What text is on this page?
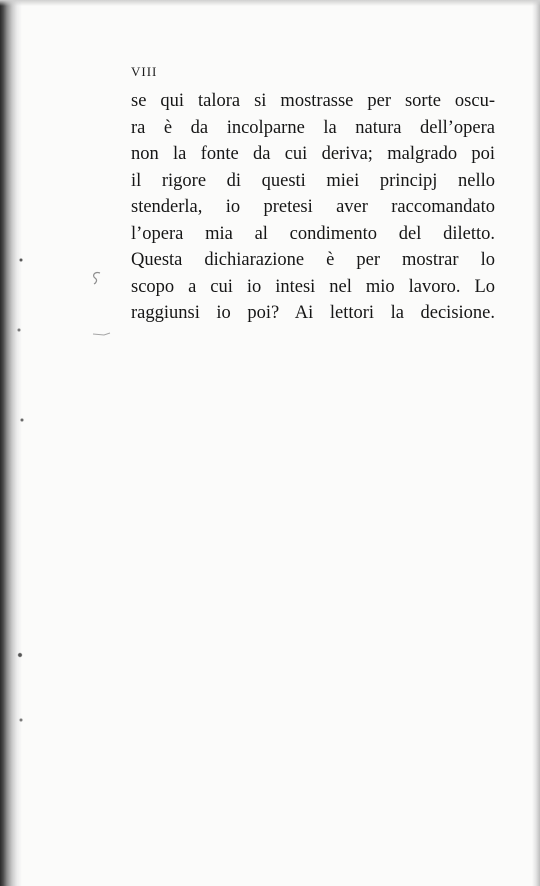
VIII
se qui talora si mostrasse per sorte oscu-
ra è da incolparne la natura dell’opera
non la fonte da cui deriva; malgrado poi
il rigore di questi miei principj nello
stenderla, io pretesi aver raccomandato
l’opera mia al condimento del diletto.
Questa dichiarazione è per mostrar lo
scopo a cui io intesi nel mio lavoro. Lo
raggiunsi io poi? Ai lettori la decisione.
